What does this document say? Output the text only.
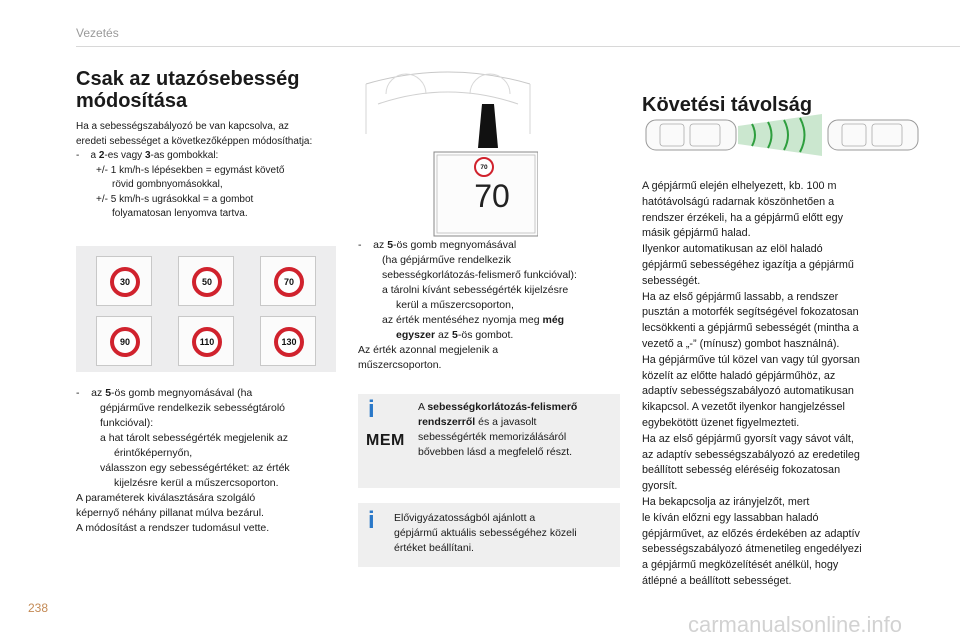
Vezetés
Csak az utazósebesség
módosítása

Ha a sebességszabályozó be van kapcsolva, az

eredeti sebességet a következőképpen módosíthatja:

- a 2-es vagy 3-as gombokkal:

+/- 1 km/h-s lépésekben = egymást követő

rövid gombnyomásokkal,

+/- 5 km/h-s ugrásokkal = a gombot

folyamatosan lenyomva tartva.

30	50	70
90	110	130

- az 5-ös gomb megnyomásával (ha

gépjárműve rendelkezik sebességtároló

funkcióval):

a hat tárolt sebességérték megjelenik az

érintőképernyőn,

válasszon egy sebességértéket: az érték

kijelzésre kerül a műszercsoporton.

A paraméterek kiválasztására szolgáló

képernyő néhány pillanat múlva bezárul.

A módosítást a rendszer tudomásul vette.

70
70

- az 5-ös gomb megnyomásával

(ha gépjárműve rendelkezik

sebességkorlátozás-felismerő funkcióval):

a tárolni kívánt sebességérték kijelzésre

kerül a műszercsoporton,

az érték mentéséhez nyomja meg még

egyszer az 5-ös gombot.

Az érték azonnal megjelenik a

műszercsoporton.

i
MEM

A sebességkorlátozás-felismerő

rendszerről és a javasolt

sebességérték memorizálásáról

bővebben lásd a megfelelő részt.

i Elővigyázatosságból ajánlott a

gépjármű aktuális sebességéhez közeli

értéket beállítani.

Követési távolság

A gépjármű elején elhelyezett, kb. 100 m

hatótávolságú radarnak köszönhetően a

rendszer érzékeli, ha a gépjármű előtt egy

másik gépjármű halad.

Ilyenkor automatikusan az elöl haladó

gépjármű sebességéhez igazítja a gépjármű

sebességét.

Ha az első gépjármű lassabb, a rendszer

pusztán a motorfék segítségével fokozatosan

lecsökkenti a gépjármű sebességét (mintha a

vezető a „-” (mínusz) gombot használná).

Ha gépjárműve túl közel van vagy túl gyorsan

közelít az előtte haladó gépjárműhöz, az

adaptív sebességszabályozó automatikusan

kikapcsol. A vezetőt ilyenkor hangjelzéssel

egybekötött üzenet figyelmezteti.

Ha az első gépjármű gyorsít vagy sávot vált,

az adaptív sebességszabályozó az eredetileg

beállított sebesség eléréséig fokozatosan

gyorsít.

Ha bekapcsolja az irányjelzőt, mert

le kíván előzni egy lassabban haladó

gépjárművet, az előzés érdekében az adaptív

sebességszabályozó átmenetileg engedélyezi

a gépjármű megközelítését anélkül, hogy

átlépné a beállított sebességet.

238
carmanualsonline.info
